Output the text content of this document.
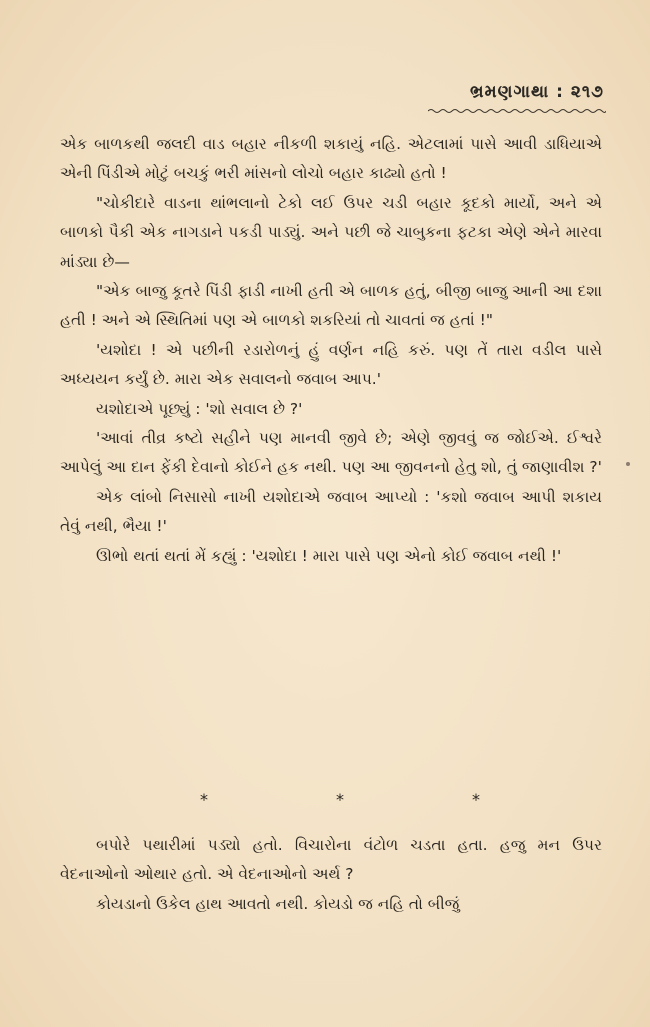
ભ્રમણગાથા : ૨૧૭

એક બાળકથી જલદી વાડ બહાર નીકળી શકાયું નહિ. એટલામાં પાસે આવી ડાધિયાએ એની પિંડીએ મોટું બચકું ભરી માંસનો લોચો બહાર કાઢ્યો હતો !

"ચોકીદારે વાડના થાંભલાનો ટેકો લઈ ઉપર ચડી બહાર કૂદકો માર્યો, અને એ બાળકો પૈકી એક નાગડાને પકડી પાડ્યું. અને પછી જે ચાબુકના ફટકા એણે એને મારવા માંડ્યા છે—

"એક બાજુ કૂતરે પિંડી ફાડી નાખી હતી એ બાળક હતું, બીજી બાજુ આની આ દશા હતી ! અને એ સ્થિતિમાં પણ એ બાળકો શકરિયાં તો ચાવતાં જ હતાં !"

'યશોદા ! એ પછીની રડારોળનું હું વર્ણન નહિ કરું. પણ તેં તારા વડીલ પાસે અધ્યયન કર્યું છે. મારા એક સવાલનો જવાબ આપ.'

યશોદાએ પૂછ્યું : 'શો સવાલ છે ?'

'આવાં તીવ્ર કષ્ટો સહીને પણ માનવી જીવે છે; એણે જીવવું જ જોઈએ. ઈશ્વરે આપેલું આ દાન ફેંકી દેવાનો કોઈને હક નથી. પણ આ જીવનનો હેતુ શો, તું જાણાવીશ ?'

એક લાંબો નિસાસો નાખી યશોદાએ જવાબ આપ્યો : 'કશો જવાબ આપી શકાય તેવું નથી, ભૈયા !'

ઊભો થતાં થતાં મેં કહ્યું : 'યશોદા ! મારા પાસે પણ એનો કોઈ જવાબ નથી !'

*	*	*

બપોરે પથારીમાં પડ્યો હતો. વિચારોના વંટોળ ચડતા હતા. હજુ મન ઉપર વેદનાઓનો ઓથાર હતો. એ વેદનાઓનો અર્થ ?

કોયડાનો ઉકેલ હાથ આવતો નથી. કોયડો જ નહિ તો બીજું
